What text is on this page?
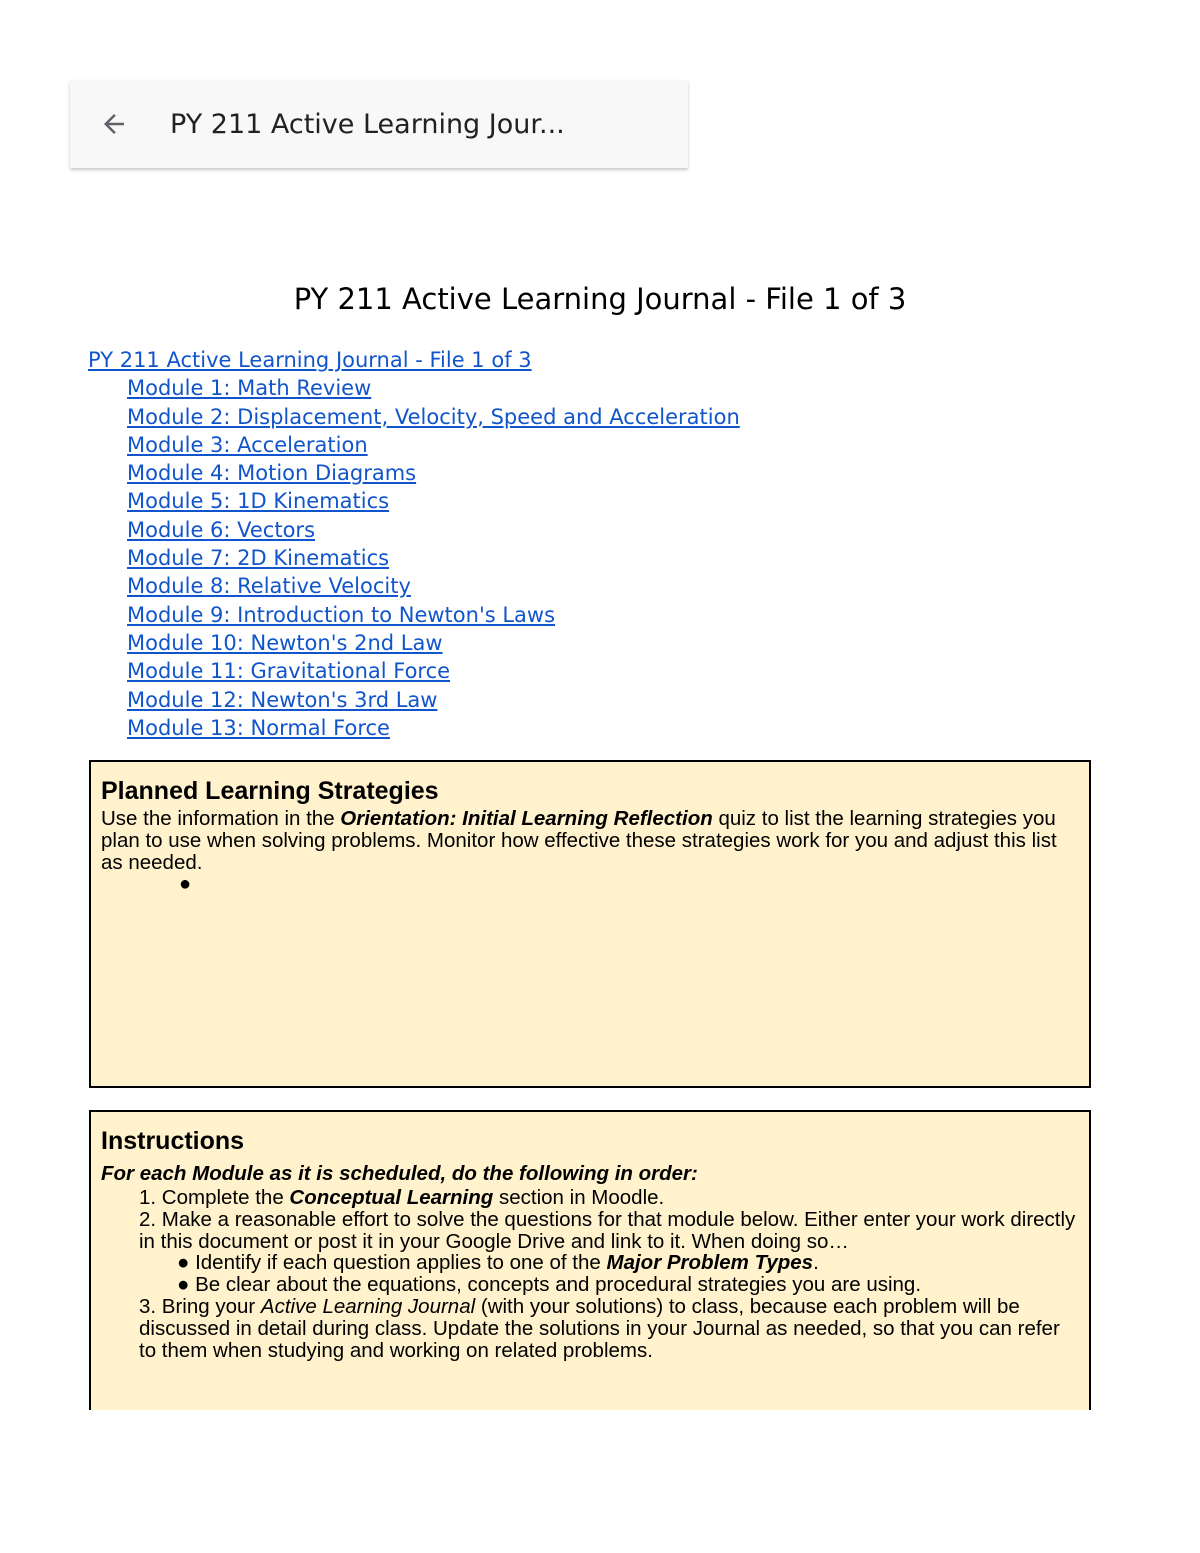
PY 211 Active Learning Jour...
PY 211 Active Learning Journal - File 1 of 3
PY 211 Active Learning Journal - File 1 of 3
Module 1: Math Review
Module 2: Displacement, Velocity, Speed and Acceleration
Module 3: Acceleration
Module 4: Motion Diagrams
Module 5: 1D Kinematics
Module 6: Vectors
Module 7: 2D Kinematics
Module 8: Relative Velocity
Module 9: Introduction to Newton's Laws
Module 10: Newton's 2nd Law
Module 11: Gravitational Force
Module 12: Newton's 3rd Law
Module 13: Normal Force
Planned Learning Strategies

Use the information in the Orientation: Initial Learning Reflection quiz to list the learning strategies you plan to use when solving problems. Monitor how effective these strategies work for you and adjust this list as needed.

●
Instructions
For each Module as it is scheduled, do the following in order:
1. Complete the Conceptual Learning section in Moodle.
2. Make a reasonable effort to solve the questions for that module below. Either enter your work directly in this document or post it in your Google Drive and link to it. When doing so…
● Identify if each question applies to one of the Major Problem Types.
● Be clear about the equations, concepts and procedural strategies you are using.
3. Bring your Active Learning Journal (with your solutions) to class, because each problem will be discussed in detail during class. Update the solutions in your Journal as needed, so that you can refer to them when studying and working on related problems.
